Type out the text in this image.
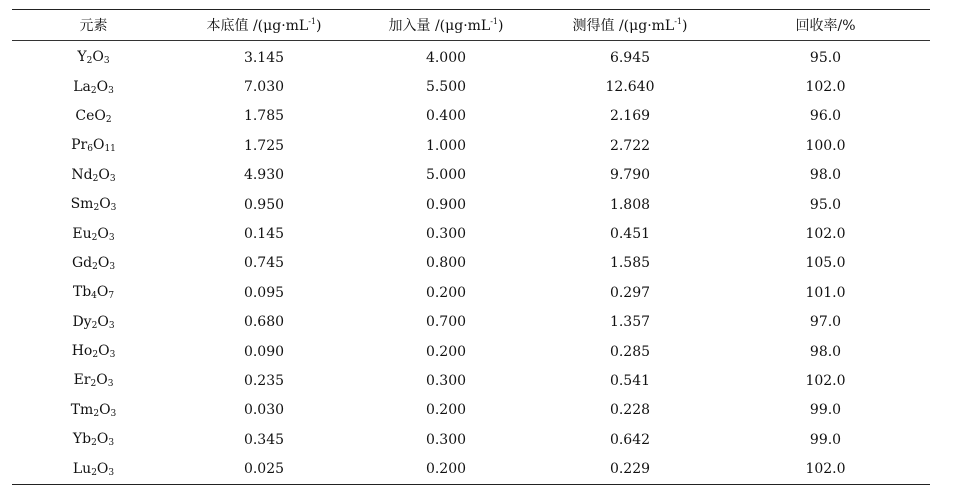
元素	本底值 $/(\mu g\cdot mL^{-1})$	加入量 $/(\mu g\cdot mL^{-1})$	测得值 $/(\mu g\cdot mL^{-1})$	回收率/%
$Y_2O_3$	3.145	4.000	6.945	95.0
$La_2O_3$	7.030	5.500	12.640	102.0
CeO$_2$	1.785	0.400	2.169	96.0
$Pr_6O_{11}$	1.725	1.000	2.722	100.0
$Nd_2O_3$	4.930	5.000	9.790	98.0
$Sm_2O_3$	0.950	0.900	1.808	95.0
$Eu_2O_3$	0.145	0.300	0.451	102.0
$Gd_2O_3$	0.745	0.800	1.585	105.0
$Tb_4O_7$	0.095	0.200	0.297	101.0
$Dy_2O_3$	0.680	0.700	1.357	97.0
$Ho_2O_3$	0.090	0.200	0.285	98.0
$Er_2O_3$	0.235	0.300	0.541	102.0
$Tm_2O_3$	0.030	0.200	0.228	99.0
$Yb_2O_3$	0.345	0.300	0.642	99.0
$Lu_2O_3$	0.025	0.200	0.229	102.0
